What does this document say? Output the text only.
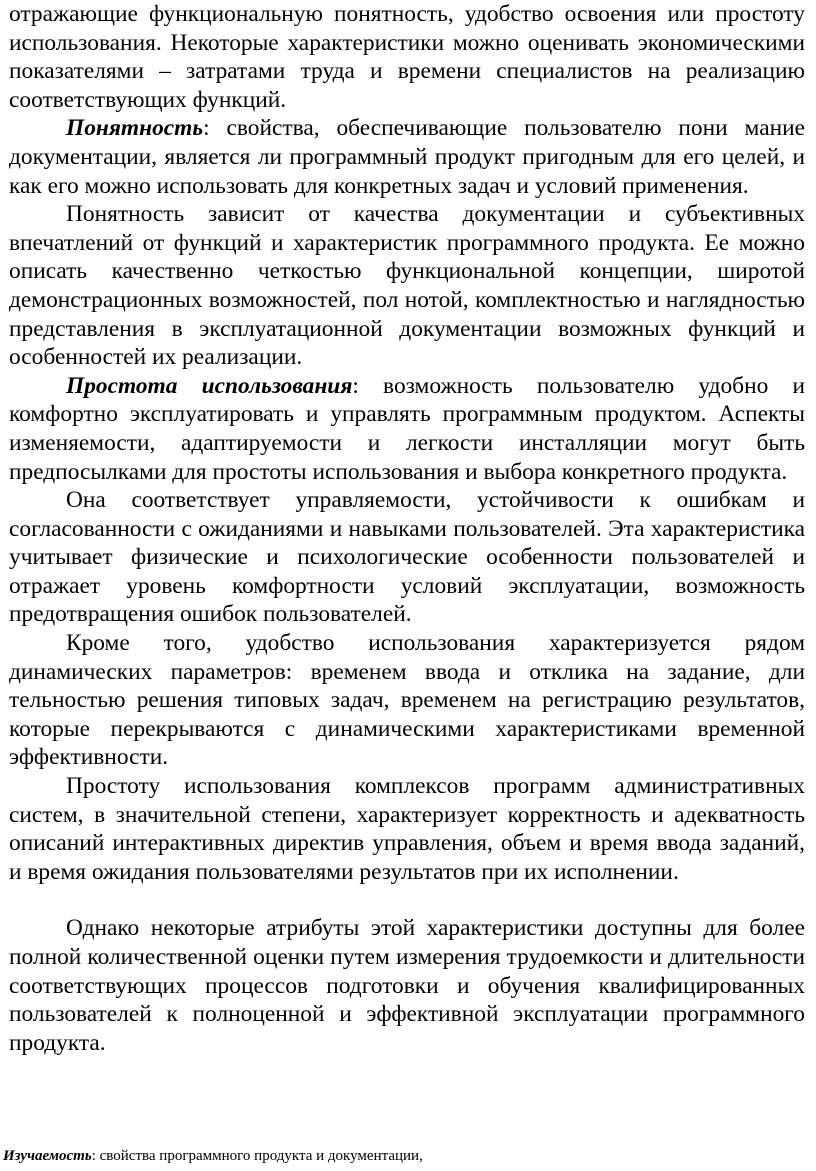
отражающие функциональную понятность, удобство освоения или простоту использования. Некоторые характеристики можно оценивать экономическими показателями – затратами труда и времени специалистов на реализацию соответствующих функций.

Понятность: свойства, обеспечивающие пользователю пони мание документации, является ли программный продукт пригодным для его целей, и как его можно использовать для конкретных задач и условий применения.

Понятность зависит от качества документации и субъективных впечатлений от функций и характеристик программного продукта. Ее можно описать качественно четкостью функциональной концепции, широтой демонстрационных возможностей, пол нотой, комплектностью и наглядностью представления в эксплуатационной документации возможных функций и особенностей их реализации.

Простота использования: возможность пользователю удобно и комфортно эксплуатировать и управлять программным продуктом. Аспекты изменяемости, адаптируемости и легкости инсталляции могут быть предпосылками для простоты использования и выбора конкретного продукта.

Она соответствует управляемости, устойчивости к ошибкам и согласованности с ожиданиями и навыками пользователей. Эта характеристика учитывает физические и психологические особенности пользователей и отражает уровень комфортности условий эксплуатации, возможность предотвращения ошибок пользователей.

Кроме того, удобство использования характеризуется рядом динамических параметров: временем ввода и отклика на задание, дли тельностью решения типовых задач, временем на регистрацию результатов, которые перекрываются с динамическими характеристиками временной эффективности.

Простоту использования комплексов программ административных систем, в значительной степени, характеризует корректность и адекватность описаний интерактивных директив управления, объем и время ввода заданий, и время ожидания пользователями результатов при их исполнении.

Однако некоторые атрибуты этой характеристики доступны для более полной количественной оценки путем измерения трудоемкости и длительности соответствующих процессов подготовки и обучения квалифицированных пользователей к полноценной и эффективной эксплуатации программного продукта.

Изучаемость: свойства программного продукта и документации,
